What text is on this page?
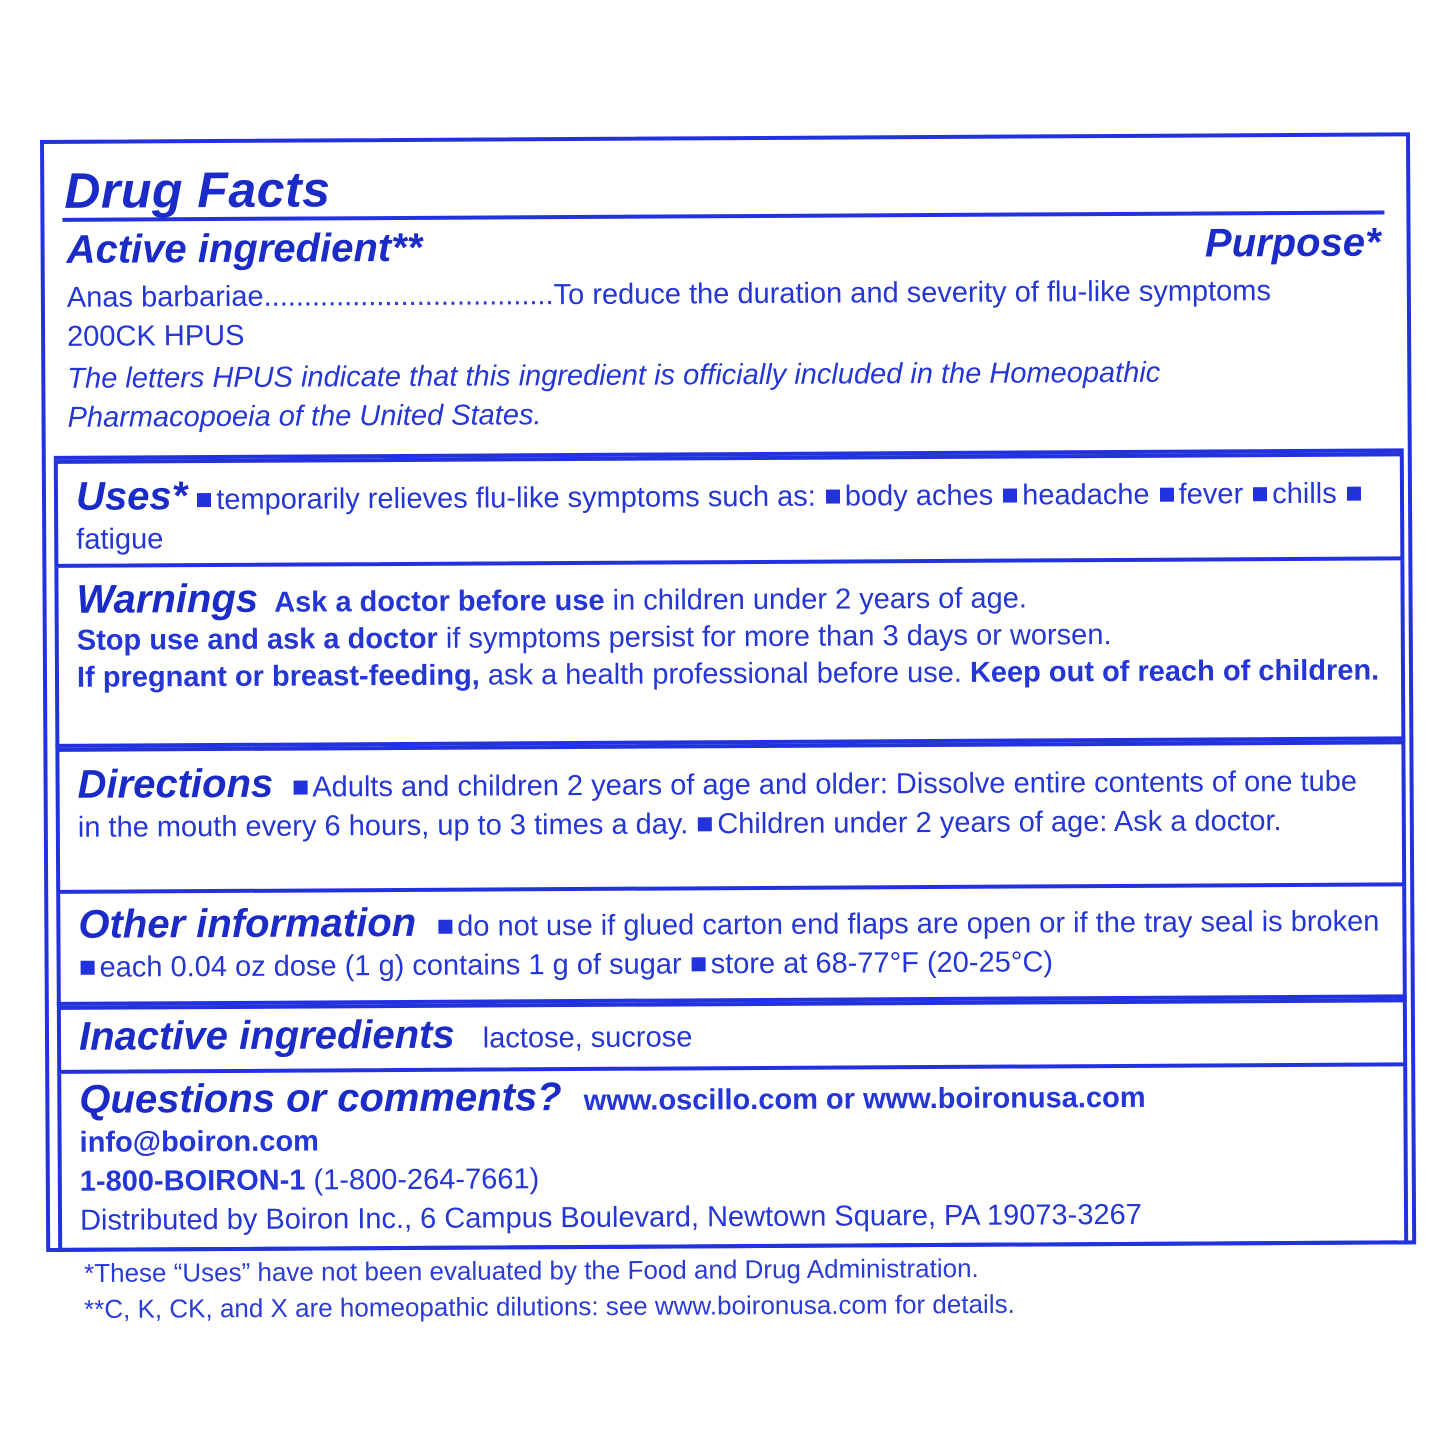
Drug Facts
Active ingredient**	Purpose*
Anas barbariae....................................To reduce the duration and severity of flu-like symptoms
200CK HPUS
The letters HPUS indicate that this ingredient is officially included in the Homeopathic
Pharmacopoeia of the United States.
Uses* temporarily relieves flu-like symptoms such as: body aches headache fever chills fatigue
Warnings Ask a doctor before use in children under 2 years of age.
Stop use and ask a doctor if symptoms persist for more than 3 days or worsen.
If pregnant or breast-feeding, ask a health professional before use. Keep out of reach of children.
Directions Adults and children 2 years of age and older: Dissolve entire contents of one tube in the mouth every 6 hours, up to 3 times a day. Children under 2 years of age: Ask a doctor.
Other information do not use if glued carton end flaps are open or if the tray seal is broken each 0.04 oz dose (1 g) contains 1 g of sugar store at 68-77°F (20-25°C)
Inactive ingredients lactose, sucrose
Questions or comments? www.oscillo.com or www.boironusa.com
info@boiron.com
1-800-BOIRON-1 (1-800-264-7661)
Distributed by Boiron Inc., 6 Campus Boulevard, Newtown Square, PA 19073-3267
*These “Uses” have not been evaluated by the Food and Drug Administration.
**C, K, CK, and X are homeopathic dilutions: see www.boironusa.com for details.
